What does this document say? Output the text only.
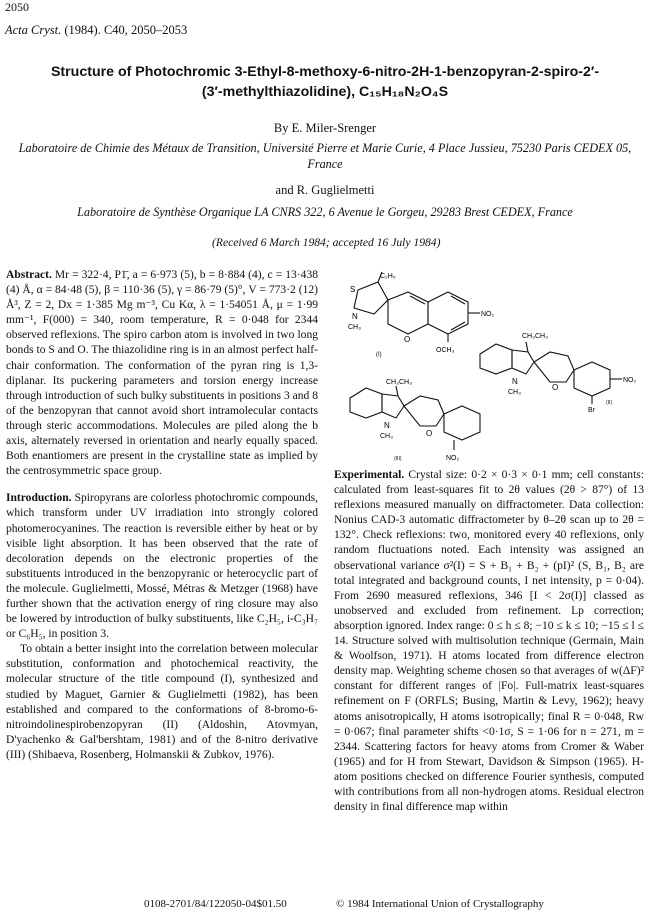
2050
Acta Cryst. (1984). C40, 2050–2053
Structure of Photochromic 3-Ethyl-8-methoxy-6-nitro-2H-1-benzopyran-2-spiro-2′-
(3′-methylthiazolidine), C₁₅H₁₈N₂O₄S
By E. Miler-Srenger
Laboratoire de Chimie des Métaux de Transition, Université Pierre et Marie Curie, 4 Place Jussieu, 75230 Paris CEDEX 05, France
and R. Guglielmetti
Laboratoire de Synthèse Organique LA CNRS 322, 6 Avenue le Gorgeu, 29283 Brest CEDEX, France
(Received 6 March 1984; accepted 16 July 1984)

Abstract. Mr = 322·4, P1̄, a = 6·973 (5), b = 8·884 (4), c = 13·438 (4) Å, α = 84·48 (5), β = 110·36 (5), γ = 86·79 (5)°, V = 773·2 (12) Å³, Z = 2, Dx = 1·385 Mg m⁻³, Cu Kα, λ = 1·54051 Å, μ = 1·99 mm⁻¹, F(000) = 340, room temperature, R = 0·048 for 2344 observed reflexions. The spiro carbon atom is involved in two long bonds to S and O. The thiazolidine ring is in an almost perfect half-chair conformation. The conformation of the pyran ring is 1,3-diplanar. Its puckering parameters and torsion energy increase through introduction of such bulky substituents in positions 3 and 8 of the benzopyran that cannot avoid short intramolecular contacts through steric accommodations. Molecules are piled along the b axis, alternately reversed in orientation and nearly equally spaced. Both enantiomers are present in the crystalline state as implied by the centrosymmetric space group.

Introduction. Spiropyrans are colorless photochromic compounds, which transform under UV irradiation into strongly colored photomerocyanines. The reaction is reversible either by heat or by visible light absorption. It has been observed that the rate of decoloration depends on the electronic properties of the substituents introduced in the benzopyranic or heterocyclic part of the molecule. Guglielmetti, Mossé, Métras & Metzger (1968) have further shown that the activation energy of ring closure may also be lowered by introduction of bulky substituents, like C₂H₅, i-C₃H₇ or C₆H₅, in position 3.

To obtain a better insight into the correlation between molecular substitution, conformation and photochemical reactivity, the molecular structure of the title compound (I), synthesized and studied by Maguet, Garnier & Guglielmetti (1982), has been established and compared to the conformations of 8-bromo-6-nitroindolinespirobenzopyran (II) (Aldoshin, Atovmyan, D'yachenko & Gal'bershtam, 1981) and of the 8-nitro derivative (III) (Shibaeva, Rosenberg, Holmanskii & Zubkov, 1976).

C₂H₅
S
N
CH₃
O
NO₂
OCH₃
(I)
CH₃CH₃
N
CH₃
O
NO₂
Br
(II)
CH₃CH₃
N
CH₃	O
NO₂
(III)

Experimental. Crystal size: 0·2 × 0·3 × 0·1 mm; cell constants: calculated from least-squares fit to 2θ values (2θ > 87°) of 13 reflexions measured manually on diffractometer. Data collection: Nonius CAD-3 automatic diffractometer by θ–2θ scan up to 2θ = 132°. Check reflexions: two, monitored every 40 reflexions, only random fluctuations noted. Each intensity was assigned an observational variance σ²(I) = S + B₁ + B₂ + (pI)² (S, B₁, B₂ are total integrated and background counts, I net intensity, p = 0·04). From 2690 measured reflexions, 346 [I < 2σ(I)] classed as unobserved and excluded from refinement. Lp correction; absorption ignored. Index range: 0 ≤ h ≤ 8; −10 ≤ k ≤ 10; −15 ≤ l ≤ 14. Structure solved with multisolution technique (Germain, Main & Woolfson, 1971). H atoms located from difference electron density map. Weighting scheme chosen so that averages of w(ΔF)² constant for different ranges of |Fo|. Full-matrix least-squares refinement on F (ORFLS; Busing, Martin & Levy, 1962); heavy atoms anisotropically, H atoms isotropically; final R = 0·048, Rw = 0·067; final parameter shifts <0·1σ, S = 1·06 for n = 271, m = 2344. Scattering factors for heavy atoms from Cromer & Waber (1965) and for H from Stewart, Davidson & Simpson (1965). H-atom positions checked on difference Fourier synthesis, computed with contributions from all non-hydrogen atoms. Residual electron density in final difference map within

0108-2701/84/122050-04$01.50	© 1984 International Union of Crystallography
